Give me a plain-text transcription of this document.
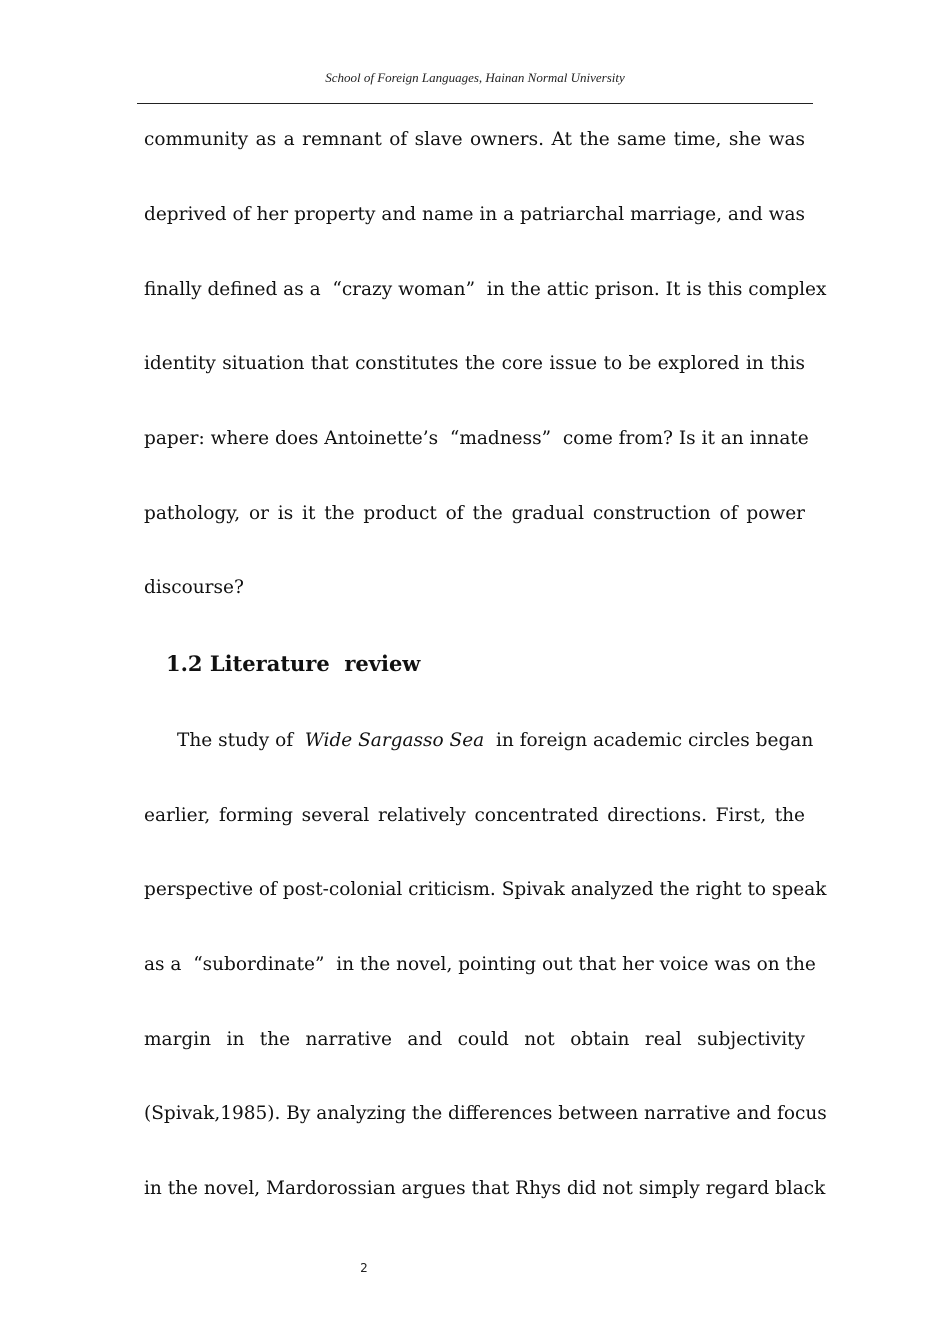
School of Foreign Languages, Hainan Normal University
community as a remnant of slave owners. At the same time, she was
deprived of her property and name in a patriarchal marriage, and was
finally defined as a  “crazy woman”  in the attic prison. It is this complex
identity situation that constitutes the core issue to be explored in this
paper: where does Antoinette’s  “madness”  come from? Is it an innate
pathology, or is it the product of the gradual construction of power
discourse?
1.2 Literature  review
The study of  Wide Sargasso Sea  in foreign academic circles began
earlier, forming several relatively concentrated directions. First, the
perspective of post-colonial criticism. Spivak analyzed the right to speak
as a  “subordinate”  in the novel, pointing out that her voice was on the
margin in the narrative and could not obtain real subjectivity
(Spivak,1985). By analyzing the differences between narrative and focus
in the novel, Mardorossian argues that Rhys did not simply regard black
2
